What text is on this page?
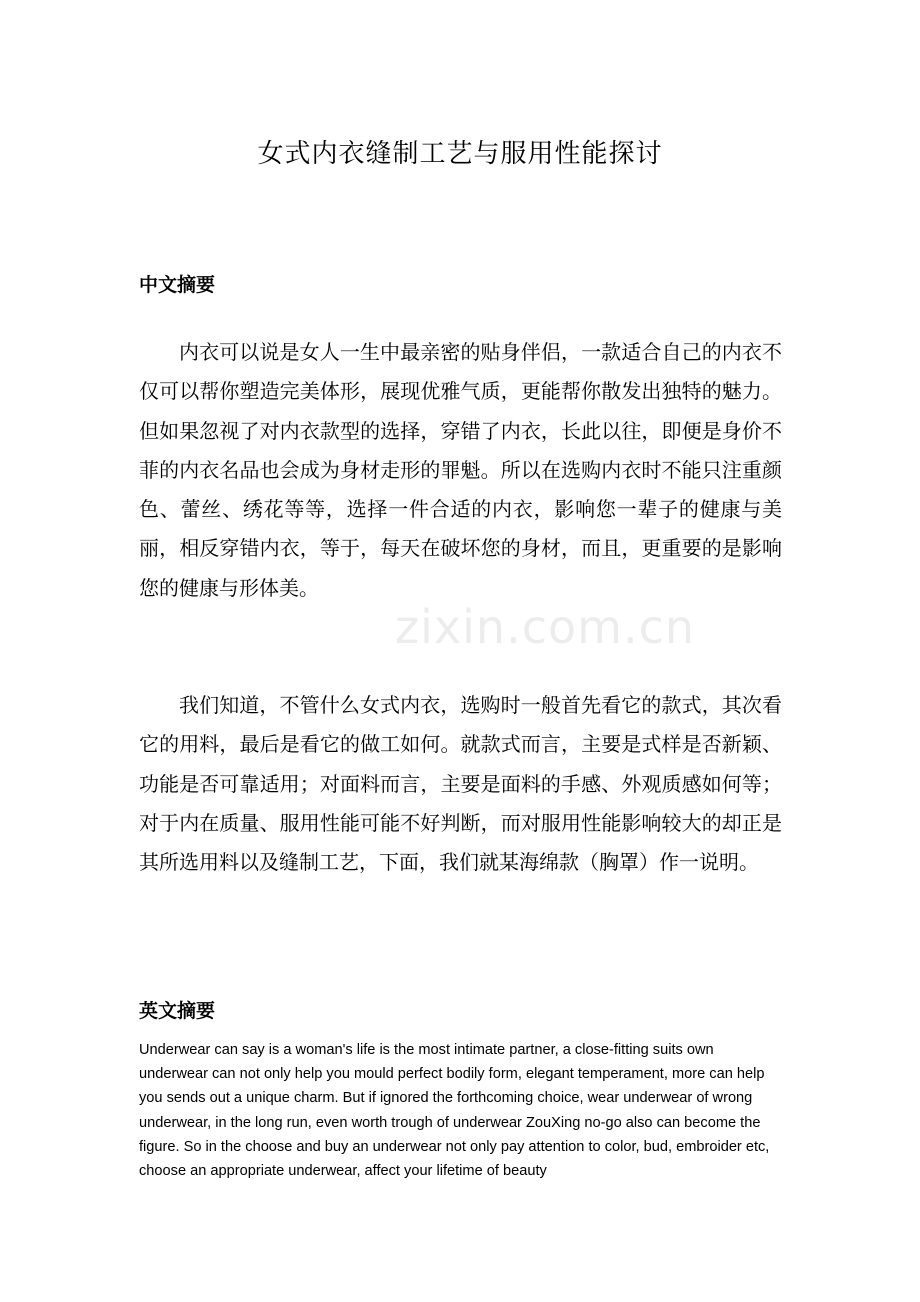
女式内衣缝制工艺与服用性能探讨
中文摘要

内衣可以说是女人一生中最亲密的贴身伴侣，一款适合自己的内衣不仅可以帮你塑造完美体形，展现优雅气质，更能帮你散发出独特的魅力。但如果忽视了对内衣款型的选择，穿错了内衣，长此以往，即便是身价不菲的内衣名品也会成为身材走形的罪魁。所以在选购内衣时不能只注重颜色、蕾丝、绣花等等，选择一件合适的内衣，影响您一辈子的健康与美丽，相反穿错内衣，等于，每天在破坏您的身材，而且，更重要的是影响您的健康与形体美。

我们知道，不管什么女式内衣，选购时一般首先看它的款式，其次看它的用料，最后是看它的做工如何。就款式而言，主要是式样是否新颖、功能是否可靠适用；对面料而言，主要是面料的手感、外观质感如何等；对于内在质量、服用性能可能不好判断，而对服用性能影响较大的却正是其所选用料以及缝制工艺，下面，我们就某海绵款（胸罩）作一说明。

英文摘要

Underwear can say is a woman's life is the most intimate partner, a close-fitting suits own underwear can not only help you mould perfect bodily form, elegant temperament, more can help you sends out a unique charm. But if ignored the forthcoming choice, wear underwear of wrong underwear, in the long run, even worth trough of underwear ZouXing no-go also can become the figure. So in the choose and buy an underwear not only pay attention to color, bud, embroider etc, choose an appropriate underwear, affect your lifetime of beauty

zixin.com.cn
